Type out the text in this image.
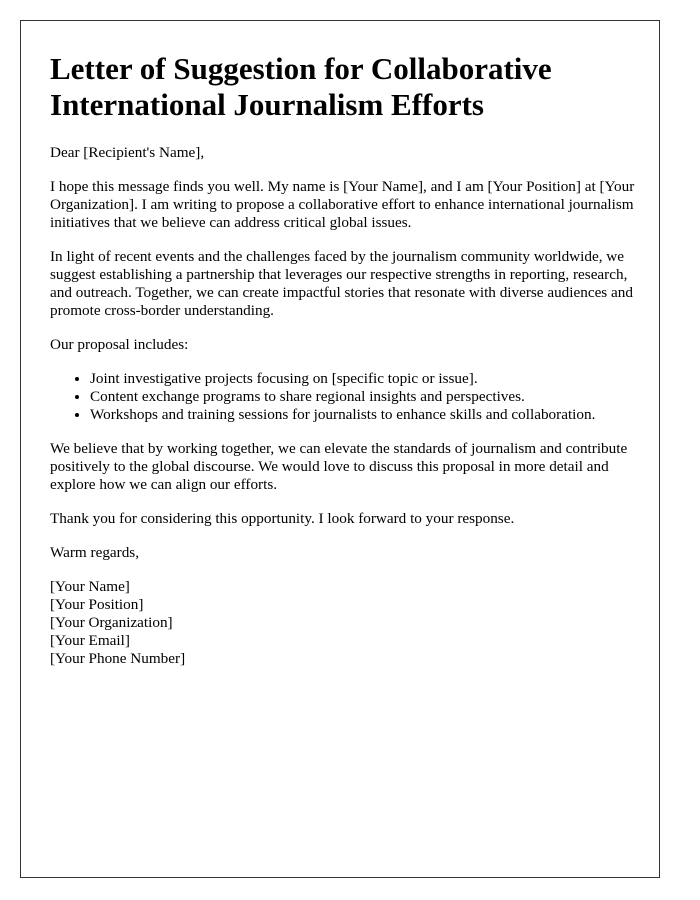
Letter of Suggestion for Collaborative International Journalism Efforts

Dear [Recipient's Name],

I hope this message finds you well. My name is [Your Name], and I am [Your Position] at [Your Organization]. I am writing to propose a collaborative effort to enhance international journalism initiatives that we believe can address critical global issues.

In light of recent events and the challenges faced by the journalism community worldwide, we suggest establishing a partnership that leverages our respective strengths in reporting, research, and outreach. Together, we can create impactful stories that resonate with diverse audiences and promote cross-border understanding.

Our proposal includes:

• Joint investigative projects focusing on [specific topic or issue].
• Content exchange programs to share regional insights and perspectives.
• Workshops and training sessions for journalists to enhance skills and collaboration.

We believe that by working together, we can elevate the standards of journalism and contribute positively to the global discourse. We would love to discuss this proposal in more detail and explore how we can align our efforts.

Thank you for considering this opportunity. I look forward to your response.

Warm regards,

[Your Name]
[Your Position]
[Your Organization]
[Your Email]
[Your Phone Number]
